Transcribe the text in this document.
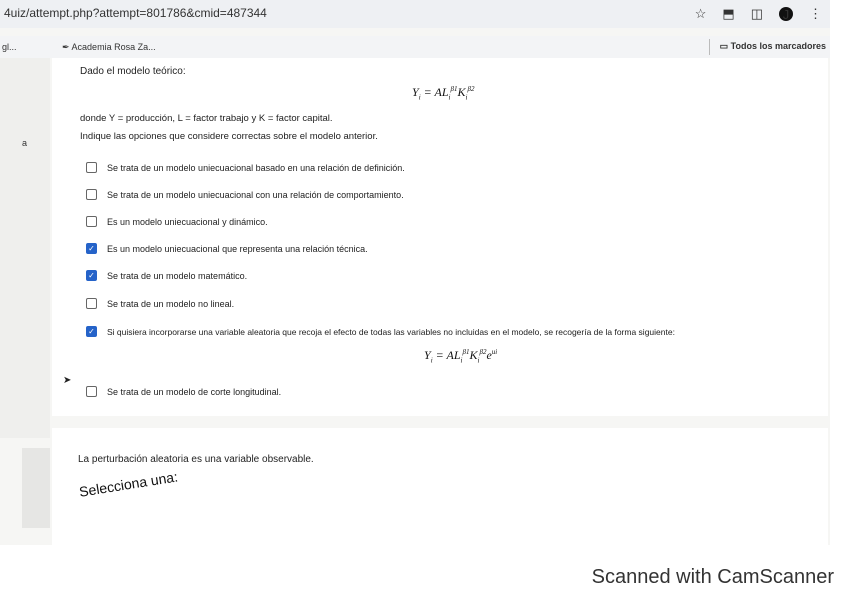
4uiz/attempt.php?attempt=801786&cmid=487344	☆ ⬒ ◫ J ⋮
gl...	✒ Academia Rosa Za...	▭ Todos los marcadores
a
Dado el modelo teórico:
$Y_i = AL_i^{\beta 1}K_i^{\beta 2}$
donde Y = producción, L = factor trabajo y K = factor capital.
Indique las opciones que considere correctas sobre el modelo anterior.
Se trata de un modelo uniecuacional basado en una relación de definición.
Se trata de un modelo uniecuacional con una relación de comportamiento.
Es un modelo uniecuacional y dinámico.
✓ Es un modelo uniecuacional que representa una relación técnica.
✓ Se trata de un modelo matemático.
Se trata de un modelo no lineal.
✓ Si quisiera incorporarse una variable aleatoria que recoja el efecto de todas las variables no incluidas en el modelo, se recogería de la forma siguiente:
$Y_i = AL_i^{\beta 1}K_i^{\beta 2}e^{ui}$
Se trata de un modelo de corte longitudinal.
➤
La perturbación aleatoria es una variable observable.
Selecciona una:
Scanned with CamScanner
